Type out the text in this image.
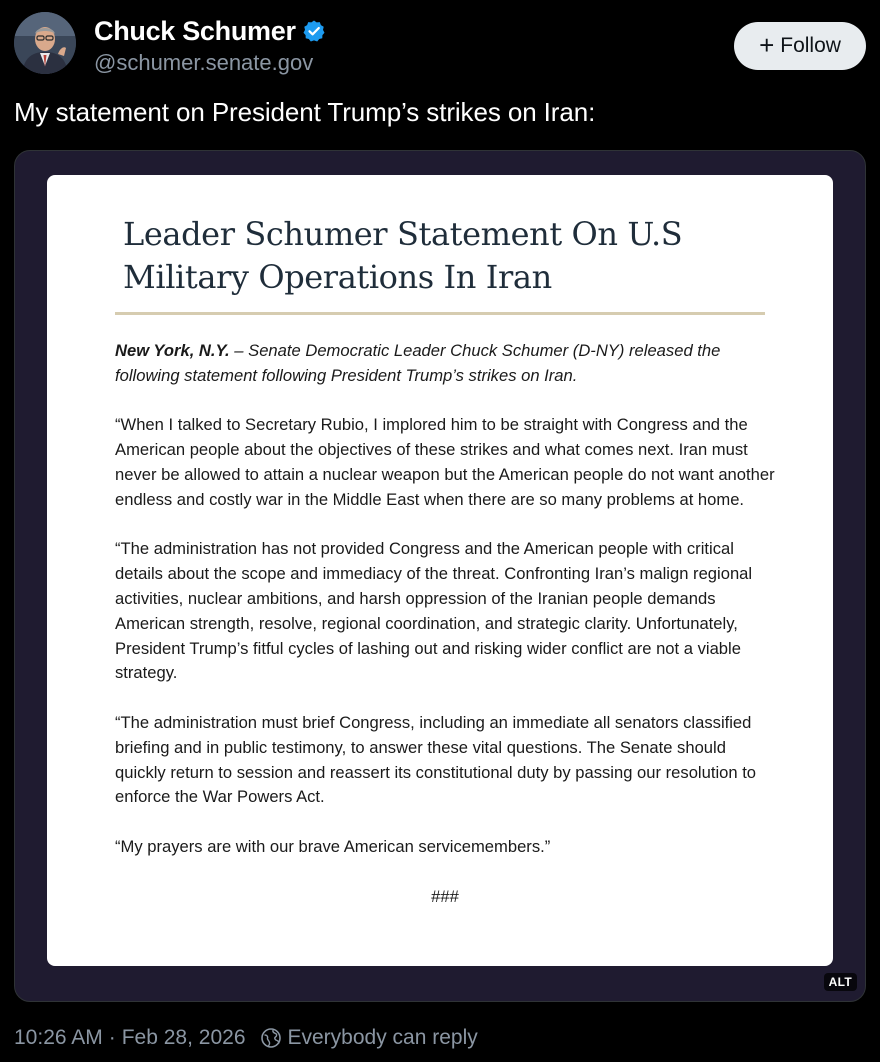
Chuck Schumer
@schumer.senate.gov
+ Follow
My statement on President Trump’s strikes on Iran:
Leader Schumer Statement On U.S Military Operations In Iran

New York, N.Y. – Senate Democratic Leader Chuck Schumer (D-NY) released the following statement following President Trump’s strikes on Iran.

“When I talked to Secretary Rubio, I implored him to be straight with Congress and the American people about the objectives of these strikes and what comes next. Iran must never be allowed to attain a nuclear weapon but the American people do not want another endless and costly war in the Middle East when there are so many problems at home.

“The administration has not provided Congress and the American people with critical details about the scope and immediacy of the threat. Confronting Iran’s malign regional activities, nuclear ambitions, and harsh oppression of the Iranian people demands American strength, resolve, regional coordination, and strategic clarity. Unfortunately, President Trump’s fitful cycles of lashing out and risking wider conflict are not a viable strategy.

“The administration must brief Congress, including an immediate all senators classified briefing and in public testimony, to answer these vital questions. The Senate should quickly return to session and reassert its constitutional duty by passing our resolution to enforce the War Powers Act.

“My prayers are with our brave American servicemembers.”

###
ALT
10:26 AM · Feb 28, 2026 Everybody can reply
